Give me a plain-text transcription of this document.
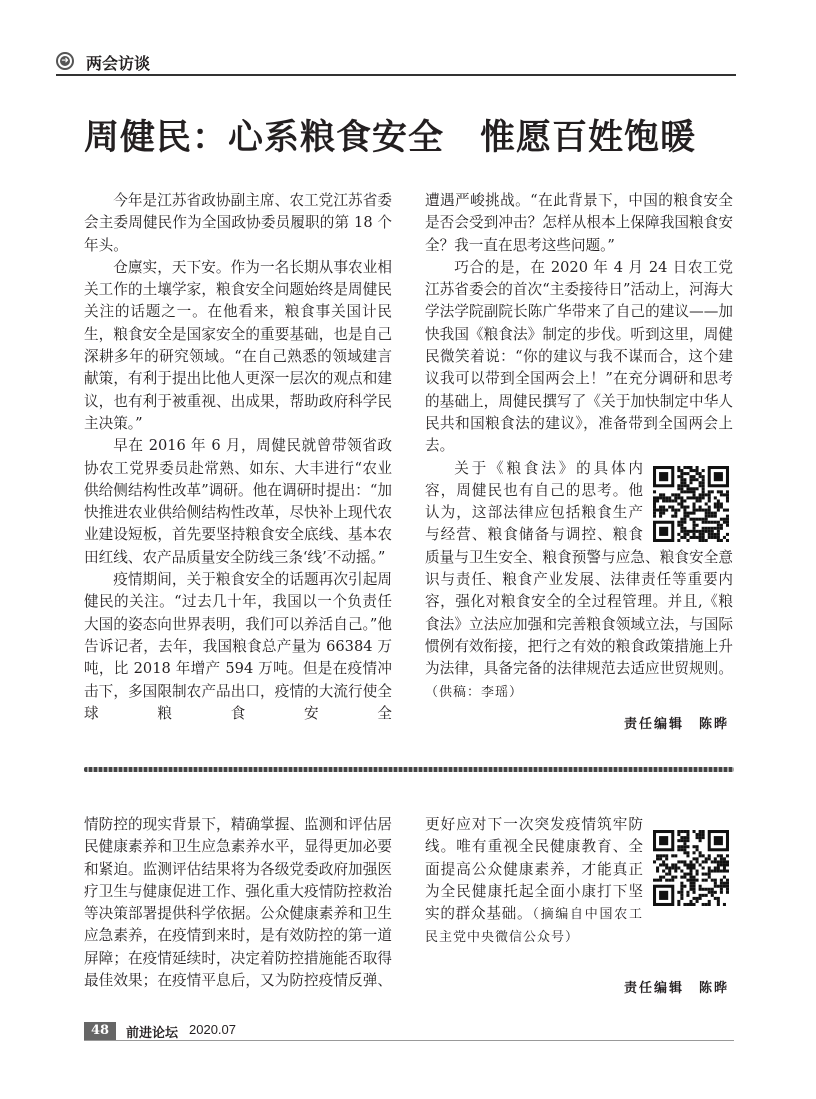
➜ 两会访谈
周健民：心系粮食安全　惟愿百姓饱暖

今年是江苏省政协副主席、农工党江苏省委会主委周健民作为全国政协委员履职的第 18 个年头。

仓廪实，天下安。作为一名长期从事农业相关工作的土壤学家，粮食安全问题始终是周健民关注的话题之一。在他看来，粮食事关国计民生，粮食安全是国家安全的重要基础，也是自己深耕多年的研究领域。“在自己熟悉的领域建言献策，有利于提出比他人更深一层次的观点和建议，也有利于被重视、出成果，帮助政府科学民主决策。”

早在 2016 年 6 月，周健民就曾带领省政协农工党界委员赴常熟、如东、大丰进行“农业供给侧结构性改革”调研。他在调研时提出：“加快推进农业供给侧结构性改革，尽快补上现代农业建设短板，首先要坚持粮食安全底线、基本农田红线、农产品质量安全防线三条‘线’不动摇。”

疫情期间，关于粮食安全的话题再次引起周健民的关注。“过去几十年，我国以一个负责任大国的姿态向世界表明，我们可以养活自己。”他告诉记者，去年，我国粮食总产量为 66384 万吨，比 2018 年增产 594 万吨。但是在疫情冲击下，多国限制农产品出口，疫情的大流行使全球粮食安全

遭遇严峻挑战。“在此背景下，中国的粮食安全是否会受到冲击？怎样从根本上保障我国粮食安全？我一直在思考这些问题。”

巧合的是，在 2020 年 4 月 24 日农工党江苏省委会的首次“主委接待日”活动上，河海大学法学院副院长陈广华带来了自己的建议——加快我国《粮食法》制定的步伐。听到这里，周健民微笑着说：“你的建议与我不谋而合，这个建议我可以带到全国两会上！”在充分调研和思考的基础上，周健民撰写了《关于加快制定中华人民共和国粮食法的建议》，准备带到全国两会上去。

关于《粮食法》的具体内容，周健民也有自己的思考。他认为，这部法律应包括粮食生产与经营、粮食储备与调控、粮食质量与卫生安全、粮食预警与应急、粮食安全意识与责任、粮食产业发展、法律责任等重要内容，强化对粮食安全的全过程管理。并且,《粮食法》立法应加强和完善粮食领域立法，与国际惯例有效衔接，把行之有效的粮食政策措施上升为法律，具备完备的法律规范去适应世贸规则。（供稿：李瑶）

责任编辑　陈晔

情防控的现实背景下，精确掌握、监测和评估居民健康素养和卫生应急素养水平，显得更加必要和紧迫。监测评估结果将为各级党委政府加强医疗卫生与健康促进工作、强化重大疫情防控救治等决策部署提供科学依据。公众健康素养和卫生应急素养，在疫情到来时，是有效防控的第一道屏障；在疫情延续时，决定着防控措施能否取得最佳效果；在疫情平息后，又为防控疫情反弹、

更好应对下一次突发疫情筑牢防线。唯有重视全民健康教育、全面提高公众健康素养，才能真正为全民健康托起全面小康打下坚实的群众基础。（摘编自中国农工民主党中央微信公众号）

责任编辑　陈晔
48	前进论坛 2020.07
